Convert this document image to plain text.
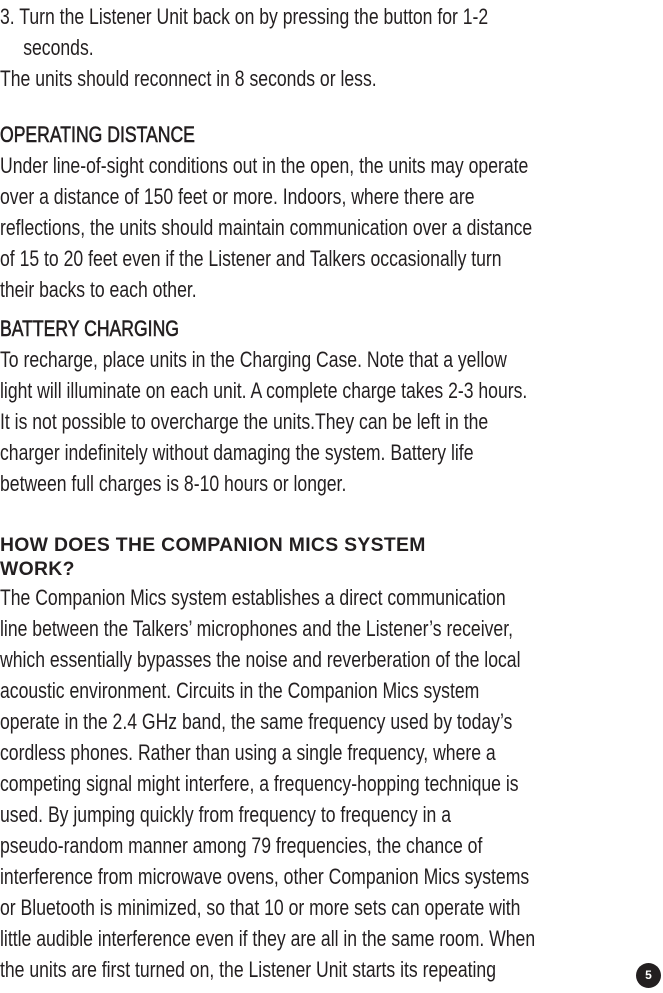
3. Turn the Listener Unit back on by pressing the button for 1-2
seconds.
The units should reconnect in 8 seconds or less.
OPERATING DISTANCE
Under line-of-sight conditions out in the open, the units may operate
over a distance of 150 feet or more. Indoors, where there are
reflections, the units should maintain communication over a distance
of 15 to 20 feet even if the Listener and Talkers occasionally turn
their backs to each other.
BATTERY CHARGING
To recharge, place units in the Charging Case. Note that a yellow
light will illuminate on each unit. A complete charge takes 2-3 hours.
It is not possible to overcharge the units.They can be left in the
charger indefinitely without damaging the system. Battery life
between full charges is 8-10 hours or longer.
HOW DOES THE COMPANION MICS SYSTEM
WORK?
The Companion Mics system establishes a direct communication
line between the Talkers’ microphones and the Listener’s receiver,
which essentially bypasses the noise and reverberation of the local
acoustic environment. Circuits in the Companion Mics system
operate in the 2.4 GHz band, the same frequency used by today’s
cordless phones. Rather than using a single frequency, where a
competing signal might interfere, a frequency-hopping technique is
used. By jumping quickly from frequency to frequency in a
pseudo-random manner among 79 frequencies, the chance of
interference from microwave ovens, other Companion Mics systems
or Bluetooth is minimized, so that 10 or more sets can operate with
little audible interference even if they are all in the same room. When
the units are first turned on, the Listener Unit starts its repeating	5
